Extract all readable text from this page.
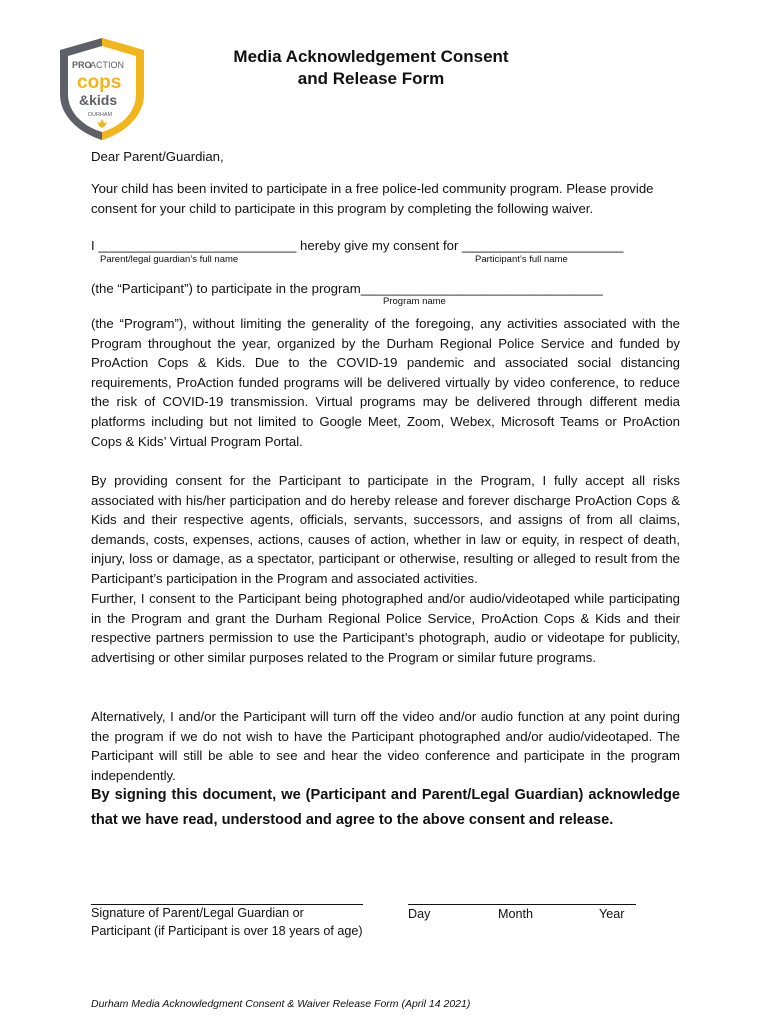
PRO
ACTION
cops
&kids
DURHAM
Media Acknowledgement Consent
and Release Form
Dear Parent/Guardian,
Your child has been invited to participate in a free police-led community program. Please provide
consent for your child to participate in this program by completing the following waiver.
I ___________________________ hereby give my consent for ______________________
Parent/legal guardian’s full name	Participant’s full name
(the “Participant”) to participate in the program_________________________________
Program name
(the “Program”), without limiting the generality of the foregoing, any activities associated with the Program throughout the year, organized by the Durham Regional Police Service and funded by ProAction Cops & Kids. Due to the COVID-19 pandemic and associated social distancing requirements, ProAction funded programs will be delivered virtually by video conference, to reduce the risk of COVID-19 transmission. Virtual programs may be delivered through different media platforms including but not limited to Google Meet, Zoom, Webex, Microsoft Teams or ProAction Cops & Kids’ Virtual Program Portal.
By providing consent for the Participant to participate in the Program, I fully accept all risks associated with his/her participation and do hereby release and forever discharge ProAction Cops & Kids and their respective agents, officials, servants, successors, and assigns of from all claims, demands, costs, expenses, actions, causes of action, whether in law or equity, in respect of death, injury, loss or damage, as a spectator, participant or otherwise, resulting or alleged to result from the Participant’s participation in the Program and associated activities.
Further, I consent to the Participant being photographed and/or audio/videotaped while participating in the Program and grant the Durham Regional Police Service, ProAction Cops & Kids and their respective partners permission to use the Participant’s photograph, audio or videotape for publicity, advertising or other similar purposes related to the Program or similar future programs.
Alternatively, I and/or the Participant will turn off the video and/or audio function at any point during the program if we do not wish to have the Participant photographed and/or audio/videotaped. The Participant will still be able to see and hear the video conference and participate in the program independently.
By signing this document, we (Participant and Parent/Legal Guardian) acknowledge that we have read, understood and agree to the above consent and release.
Signature of Parent/Legal Guardian or
Participant (if Participant is over 18 years of age)
Day	Month	Year
Durham Media Acknowledgment Consent & Waiver Release Form (April 14 2021)
